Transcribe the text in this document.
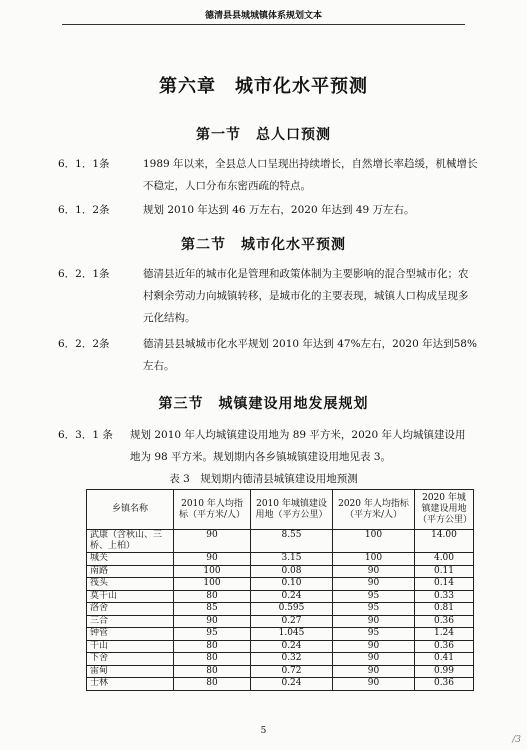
德清县县城城镇体系规划文本
第六章　城市化水平预测
第一节　总人口预测
6．1．1条	1989 年以来，全县总人口呈现出持续增长，自然增长率趋缓，机械增长不稳定，人口分布东密西疏的特点。
6．1．2条	规划 2010 年达到 46 万左右，2020 年达到 49 万左右。
第二节　城市化水平预测
6．2．1条	德清县近年的城市化是管理和政策体制为主要影响的混合型城市化；农村剩余劳动力向城镇转移，是城市化的主要表现，城镇人口构成呈现多元化结构。
6．2．2条	德清县县城城市化水平规划 2010 年达到 47%左右，2020 年达到58%左右。
第三节　城镇建设用地发展规划
6．3．1 条 规划 2010 年人均城镇建设用地为 89 平方米，2020 年人均城镇建设用地为 98 平方米。规划期内各乡镇城镇建设用地见表 3。
表 3　规划期内德清县城镇建设用地预测
乡镇名称	2010 年人均指标（平方米/人）	2010 年城镇建设用地（平方公里）	2020 年人均指标（平方米/人）	2020 年城镇建设用地（平方公里）
武康（含秋山、三桥、上柏）	90	8.55	100	14.00
城关	90	3.15	100	4.00
南路	100	0.08	90	0.11
筏头	100	0.10	90	0.14
莫干山	80	0.24	95	0.33
洛舍	85	0.595	95	0.81
三合	90	0.27	90	0.36
钟管	95	1.045	95	1.24
干山	80	0.24	90	0.36
下舍	80	0.32	90	0.41
雷甸	80	0.72	90	0.99
士林	80	0.24	90	0.36
5
/3
